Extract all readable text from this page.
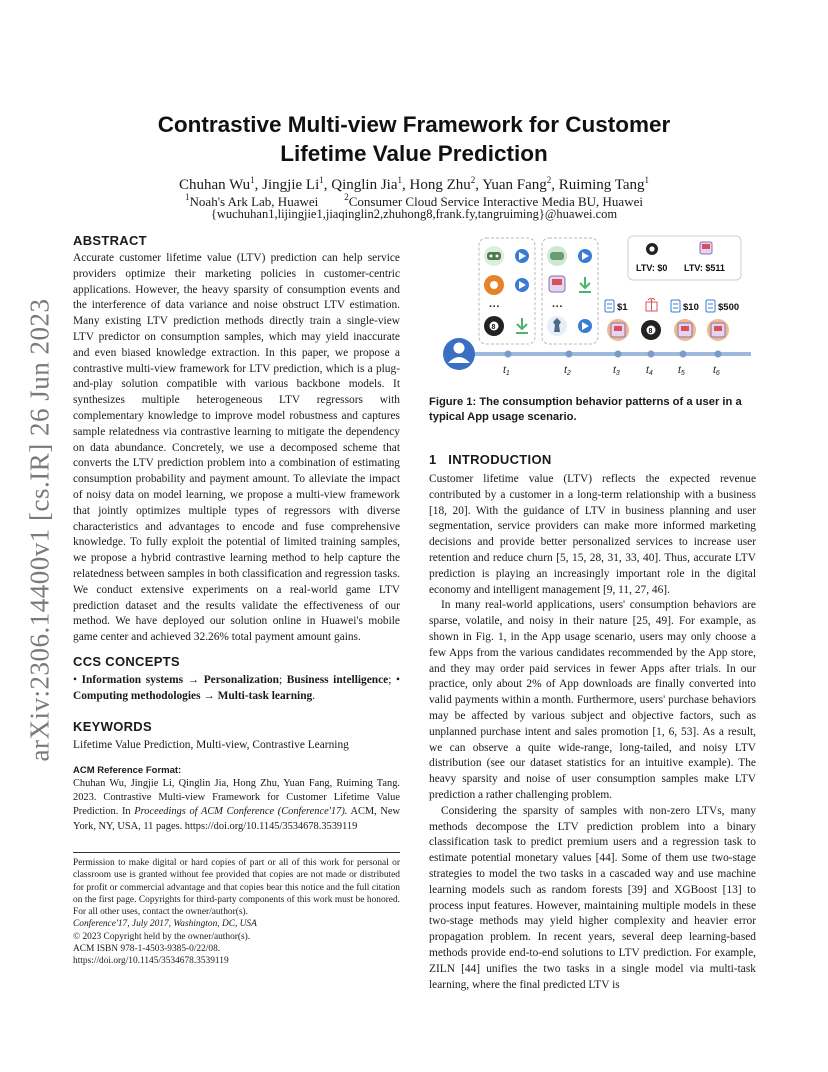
arXiv:2306.14400v1 [cs.IR] 26 Jun 2023
Contrastive Multi-view Framework for Customer
Lifetime Value Prediction
Chuhan Wu$^1$, Jingjie Li$^1$, Qinglin Jia$^1$, Hong Zhu$^2$, Yuan Fang$^2$, Ruiming Tang$^1$
$^1$Noah's Ark Lab, Huawei	$^2$Consumer Cloud Service Interactive Media BU, Huawei
{wuchuhan1,lijingjie1,jiaqinglin2,zhuhong8,frank.fy,tangruiming}@huawei.com
ABSTRACT

Accurate customer lifetime value (LTV) prediction can help service providers optimize their marketing policies in customer-centric applications. However, the heavy sparsity of consumption events and the interference of data variance and noise obstruct LTV estimation. Many existing LTV prediction methods directly train a single-view LTV predictor on consumption samples, which may yield inaccurate and even biased knowledge extraction. In this paper, we propose a contrastive multi-view framework for LTV prediction, which is a plug-and-play solution compatible with various backbone models. It synthesizes multiple heterogeneous LTV regressors with complementary knowledge to improve model robustness and captures sample relatedness via contrastive learning to mitigate the dependency on data abundance. Concretely, we use a decomposed scheme that converts the LTV prediction problem into a combination of estimating consumption probability and payment amount. To alleviate the impact of noisy data on model learning, we propose a multi-view framework that jointly optimizes multiple types of regressors with diverse characteristics and advantages to encode and fuse comprehensive knowledge. To fully exploit the potential of limited training samples, we propose a hybrid contrastive learning method to help capture the relatedness between samples in both classification and regression tasks. We conduct extensive experiments on a real-world game LTV prediction dataset and the results validate the effectiveness of our method. We have deployed our solution online in Huawei's mobile game center and achieved 32.26% total payment amount gains.

CCS CONCEPTS
• Information systems → Personalization; Business intelligence; • Computing methodologies → Multi-task learning.
KEYWORDS

Lifetime Value Prediction, Multi-view, Contrastive Learning

ACM Reference Format:
Chuhan Wu, Jingjie Li, Qinglin Jia, Hong Zhu, Yuan Fang, Ruiming Tang. 2023. Contrastive Multi-view Framework for Customer Lifetime Value Prediction. In Proceedings of ACM Conference (Conference'17). ACM, New York, NY, USA, 11 pages. https://doi.org/10.1145/3534678.3539119
Permission to make digital or hard copies of part or all of this work for personal or classroom use is granted without fee provided that copies are not made or distributed for profit or commercial advantage and that copies bear this notice and the full citation on the first page. Copyrights for third-party components of this work must be honored. For all other uses, contact the owner/author(s).
Conference'17, July 2017, Washington, DC, USA
© 2023 Copyright held by the owner/author(s).
ACM ISBN 978-1-4503-9385-0/22/08.
https://doi.org/10.1145/3534678.3539119
t1	t2	t3 t4 t5	t6
···
8
···
LTV: $0 LTV: $511
$1	$10 $500
8
Figure 1: The consumption behavior patterns of a user in a typical App usage scenario.
1 INTRODUCTION

Customer lifetime value (LTV) reflects the expected revenue contributed by a customer in a long-term relationship with a business [18, 20]. With the guidance of LTV in business planning and user segmentation, service providers can make more informed marketing decisions and provide better personalized services to increase user retention and reduce churn [5, 15, 28, 31, 33, 40]. Thus, accurate LTV prediction is playing an increasingly important role in the digital economy and intelligent management [9, 11, 27, 46].

In many real-world applications, users' consumption behaviors are sparse, volatile, and noisy in their nature [25, 49]. For example, as shown in Fig. 1, in the App usage scenario, users may only choose a few Apps from the various candidates recommended by the App store, and they may order paid services in fewer Apps after trials. In our practice, only about 2% of App downloads are finally converted into valid payments within a month. Furthermore, users' purchase behaviors may be affected by various subject and objective factors, such as unplanned purchase intent and sales promotion [1, 6, 53]. As a result, we can observe a quite wide-range, long-tailed, and noisy LTV distribution (see our dataset statistics for an intuitive example). The heavy sparsity and noise of user consumption samples make LTV prediction a rather challenging problem.

Considering the sparsity of samples with non-zero LTVs, many methods decompose the LTV prediction problem into a binary classification task to predict premium users and a regression task to estimate potential monetary values [44]. Some of them use two-stage strategies to model the two tasks in a cascaded way and use machine learning models such as random forests [39] and XGBoost [13] to process input features. However, maintaining multiple models in these two-stage methods may yield higher complexity and heavier error propagation problem. In recent years, several deep learning-based methods provide end-to-end solutions to LTV prediction. For example, ZILN [44] unifies the two tasks in a single model via multi-task learning, where the final predicted LTV is
